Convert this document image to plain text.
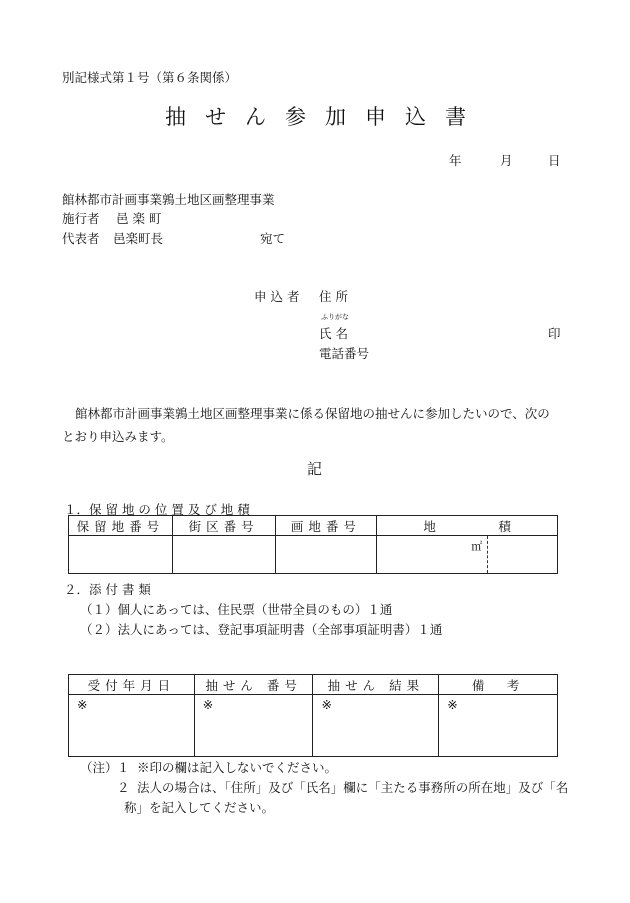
別記様式第１号（第６条関係）
抽せん参加申込書
年	月	日
館林都市計画事業鶉土地区画整理事業
施行者 邑 楽 町
代表者 邑楽町長	宛て
申 込 者 住 所
ふりがな
氏 名	印
電話番号
館林都市計画事業鶉土地区画整理事業に係る保留地の抽せんに参加したいので、次のとおり申込みます。
記
１．保 留 地 の 位 置 及 び 地 積
保留地番号	街区番号	画地番号	地　　　　　積

			㎡
２．添 付 書 類
（１）個人にあっては、住民票（世帯全員のもの）１通
（２）法人にあっては、登記事項証明書（全部事項証明書）１通
受付年月日	抽せん 番号	抽せん 結果	備　考
※	※	※	※
（注） １ ※印の欄は記入しないでください。
２ 法人の場合は、「住所」及び「氏名」欄に「主たる事務所の所在地」及び「名
称」を記入してください。
